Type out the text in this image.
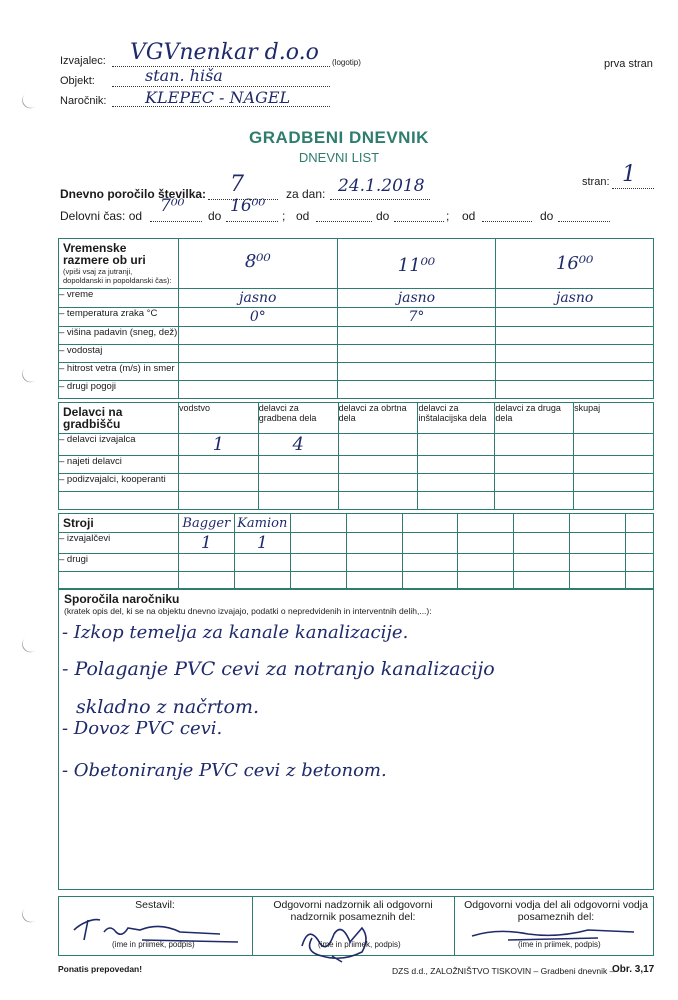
Izvajalec: VGVnenkar d.o.o (logotip)	prva stran
Objekt:	stan. hiša
Naročnik: KLEPEC - NAGEL
GRADBENI DNEVNIK
DNEVNI LIST
Dnevno poročilo številka: 7	za dan: 24.1.2018	stran: 1
Delovni čas: od 7⁰⁰ do 16⁰⁰ ; od	do	; od	do
Vremenske razmere ob uri
(vpiši vsaj za jutranji, dopoldanski in popoldanski čas):	8⁰⁰	11⁰⁰	16⁰⁰
– vreme	jasno	jasno	jasno
– temperatura zraka °C	0°	7°	
– višina padavin (sneg, dež)			
– vodostaj			
– hitrost vetra (m/s) in smer			
– drugi pogoji			
Delavci na gradbišču	vodstvo	delavci za gradbena dela	delavci za obrtna dela	delavci za inštalacijska dela	delavci za druga dela	skupaj
– delavci izvajalca	1	4				
– najeti delavci						
– podizvajalci, kooperanti						

Stroji	Bagger	Kamion							
– izvajalčevi	1	1							
– drugi									

Sporočila naročniku
(kratek opis del, ki se na objektu dnevno izvajajo, podatki o nepredvidenih in interventnih delih,...):
- Izkop temelja za kanale kanalizacije.
- Polaganje PVC cevi za notranjo kanalizacijo
skladno z načrtom.
- Dovoz PVC cevi.
- Obetoniranje PVC cevi z betonom.
Sestavil:
(ime in priimek, podpis)
Odgovorni nadzornik ali odgovorni nadzornik posameznih del:
(ime in priimek, podpis)
Odgovorni vodja del ali odgovorni vodja posameznih del:
(ime in priimek, podpis)
Ponatis prepovedan!	DZS d.d., ZALOŽNIŠTVO TISKOVIN – Gradbeni dnevnik –
Obr. 3,17
